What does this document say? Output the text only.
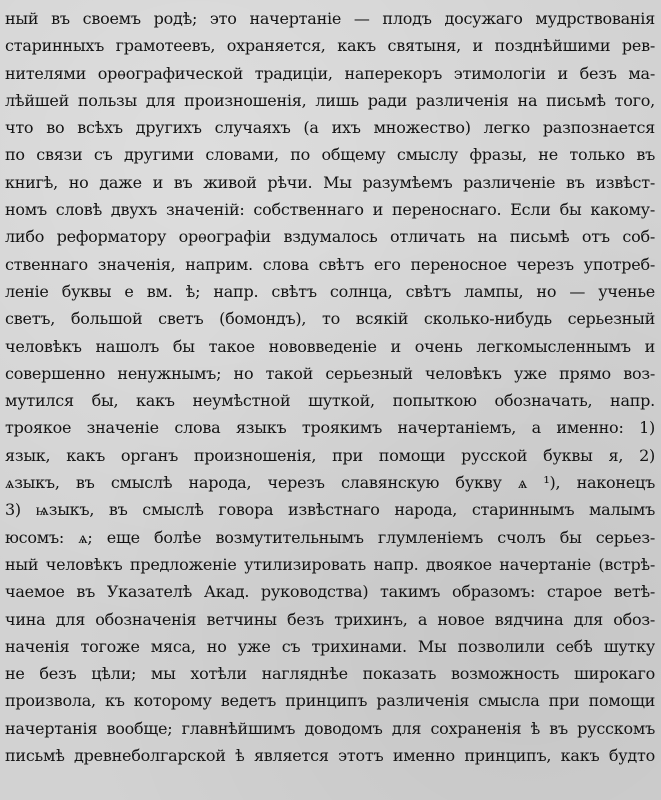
ный въ своемъ родѣ; это начертаніе — плодъ досужаго мудрствованія
старинныхъ грамотеевъ, охраняется, какъ святыня, и позднѣйшими рев-
нителями орѳографической традиціи, наперекоръ этимологіи и безъ ма-
лѣйшей пользы для произношенія, лишь ради различенія на письмѣ того,
что во всѣхъ другихъ случаяхъ (а ихъ множество) легко разпознается
по связи съ другими словами, по общему смыслу фразы, не только въ
книгѣ, но даже и въ живой рѣчи. Мы разумѣемъ различеніе въ извѣст-
номъ словѣ двухъ значеній: собственнаго и переноснаго. Если бы какому-
либо реформатору орѳографіи вздумалось отличать на письмѣ отъ соб-
ственнаго значенія, наприм. слова свѣтъ его переносное черезъ употреб-
леніе буквы е вм. ѣ; напр. свѣтъ солнца, свѣтъ лампы, но — ученье
светъ, большой светъ (бомондъ), то всякій сколько-нибудь серьезный
человѣкъ нашолъ бы такое нововведеніе и очень легкомысленнымъ и
совершенно ненужнымъ; но такой серьезный человѣкъ уже прямо воз-
мутился бы, какъ неумѣстной шуткой, попыткою обозначать, напр.
троякое значеніе слова языкъ троякимъ начертаніемъ, а именно: 1)
язык, какъ органъ произношенія, при помощи русской буквы я, 2)
ѧзыкъ, въ смыслѣ народа, черезъ славянскую букву ѧ ¹), наконецъ
3) ѩзыкъ, въ смыслѣ говора извѣстнаго народа, стариннымъ малымъ
юсомъ: ѧ; еще болѣе возмутительнымъ глумленіемъ счолъ бы серьез-
ный человѣкъ предложеніе утилизировать напр. двоякое начертаніе (встрѣ-
чаемое въ Указателѣ Акад. руководства) такимъ образомъ: старое ветѣ-
чина для обозначенія ветчины безъ трихинъ, а новое вядчина для обоз-
наченія тогоже мяса, но уже съ трихинами. Мы позволили себѣ шутку
не безъ цѣли; мы хотѣли нагляднѣе показать возможность широкаго
произвола, къ которому ведетъ принципъ различенія смысла при помощи
начертанія вообще; главнѣйшимъ доводомъ для сохраненія ѣ въ русскомъ
письмѣ древнеболгарской ѣ является этотъ именно принципъ, какъ будто
